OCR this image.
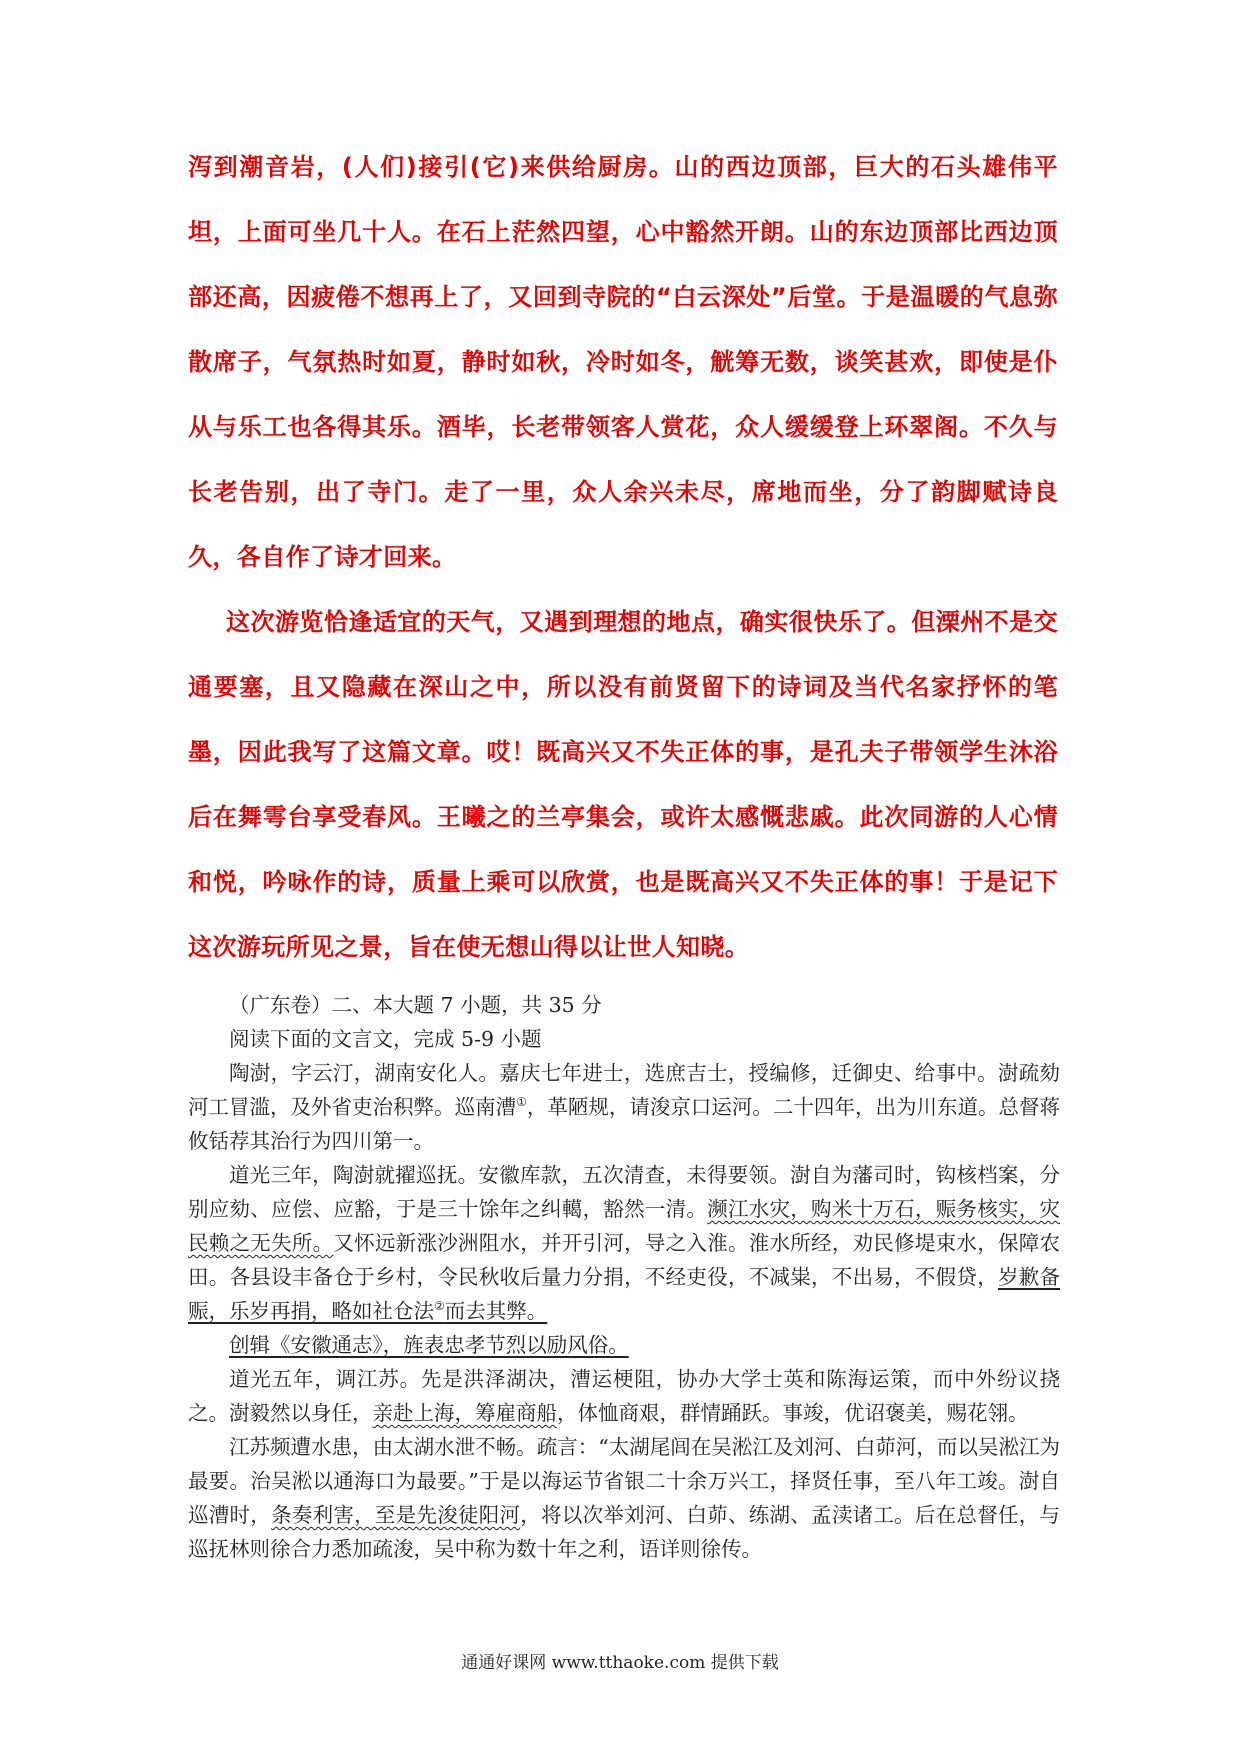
泻到潮音岩，(人们)接引(它)来供给厨房。山的西边顶部，巨大的石头雄伟平坦，上面可坐几十人。在石上茫然四望，心中豁然开朗。山的东边顶部比西边顶部还高，因疲倦不想再上了，又回到寺院的“白云深处”后堂。于是温暖的气息弥散席子，气氛热时如夏，静时如秋，冷时如冬，觥筹无数，谈笑甚欢，即使是仆从与乐工也各得其乐。酒毕，长老带领客人赏花，众人缓缓登上环翠阁。不久与长老告别，出了寺门。走了一里，众人余兴未尽，席地而坐，分了韵脚赋诗良久，各自作了诗才回来。

这次游览恰逢适宜的天气，又遇到理想的地点，确实很快乐了。但溧州不是交通要塞，且又隐藏在深山之中，所以没有前贤留下的诗词及当代名家抒怀的笔墨，因此我写了这篇文章。哎！既高兴又不失正体的事，是孔夫子带领学生沐浴后在舞雩台享受春风。王曦之的兰亭集会，或许太感慨悲戚。此次同游的人心情和悦，吟咏作的诗，质量上乘可以欣赏，也是既高兴又不失正体的事！于是记下这次游玩所见之景，旨在使无想山得以让世人知晓。

（广东卷）二、本大题 7 小题，共 35 分

阅读下面的文言文，完成 5-9 小题

陶澍，字云汀，湖南安化人。嘉庆七年进士，选庶吉士，授编修，迁御史、给事中。澍疏劾河工冒滥，及外省吏治积弊。巡南漕①，革陋规，请浚京口运河。二十四年，出为川东道。总督蒋攸铦荐其治行为四川第一。

道光三年，陶澍就擢巡抚。安徽库款，五次清查，未得要领。澍自为藩司时，钩核档案，分别应劾、应偿、应豁，于是三十馀年之纠轕，豁然一清。濒江水灾，购米十万石，赈务核实，灾民赖之无失所。又怀远新涨沙洲阻水，并开引河，导之入淮。淮水所经，劝民修堤束水，保障农田。各县设丰备仓于乡村，令民秋收后量力分捐，不经吏役，不减粜，不出易，不假贷，岁歉备赈，乐岁再捐，略如社仓法②而去其弊。

创辑《安徽通志》，旌表忠孝节烈以励风俗。

道光五年，调江苏。先是洪泽湖决，漕运梗阻，协办大学士英和陈海运策，而中外纷议挠之。澍毅然以身任，亲赴上海，筹雇商船，体恤商艰，群情踊跃。事竣，优诏褒美，赐花翎。

江苏频遭水患，由太湖水泄不畅。疏言：“太湖尾闾在吴淞江及刘河、白茆河，而以吴淞江为最要。治吴淞以通海口为最要。”于是以海运节省银二十余万兴工，择贤任事，至八年工竣。澍自巡漕时，条奏利害，至是先浚徒阳河，将以次举刘河、白茆、练湖、孟渎诸工。后在总督任，与巡抚林则徐合力悉加疏浚，吴中称为数十年之利，语详则徐传。

通通好课网 www.tthaoke.com 提供下载
